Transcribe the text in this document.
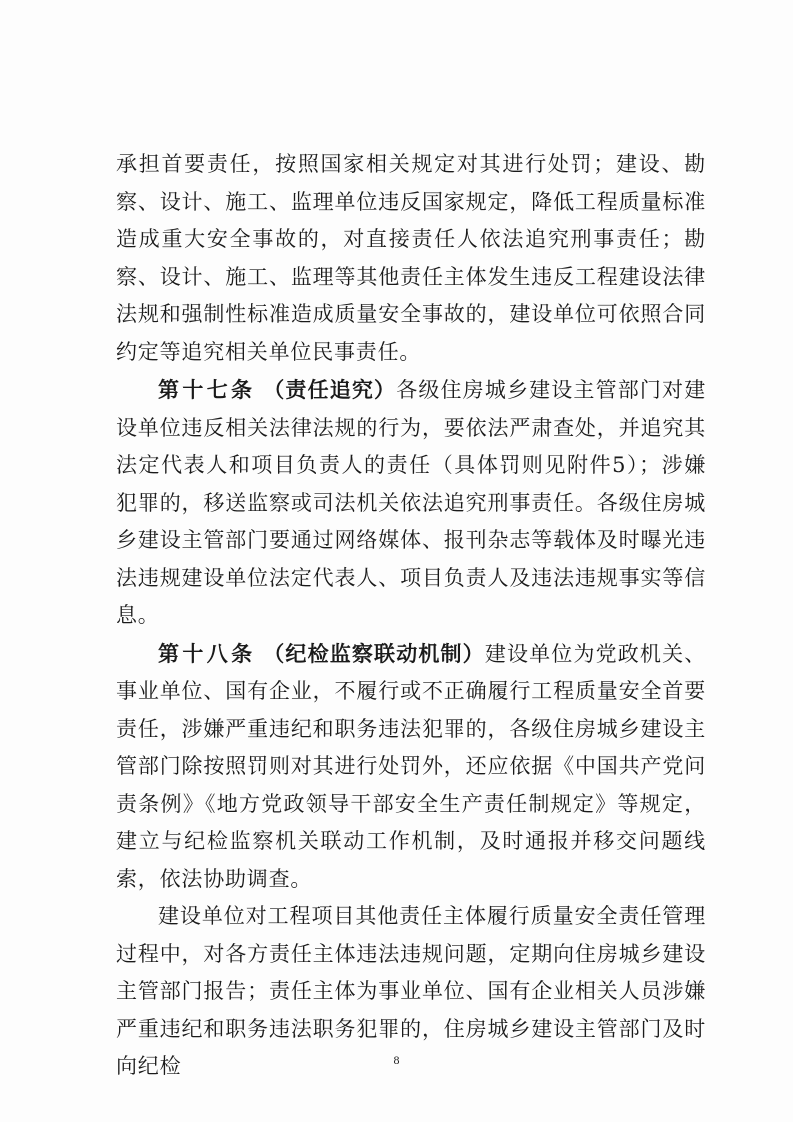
承担首要责任，按照国家相关规定对其进行处罚；建设、勘察、设计、施工、监理单位违反国家规定，降低工程质量标准造成重大安全事故的，对直接责任人依法追究刑事责任；勘察、设计、施工、监理等其他责任主体发生违反工程建设法律法规和强制性标准造成质量安全事故的，建设单位可依照合同约定等追究相关单位民事责任。

第十七条 （责任追究）各级住房城乡建设主管部门对建设单位违反相关法律法规的行为，要依法严肃查处，并追究其法定代表人和项目负责人的责任（具体罚则见附件5）；涉嫌犯罪的，移送监察或司法机关依法追究刑事责任。各级住房城乡建设主管部门要通过网络媒体、报刊杂志等载体及时曝光违法违规建设单位法定代表人、项目负责人及违法违规事实等信息。

第十八条 （纪检监察联动机制）建设单位为党政机关、事业单位、国有企业，不履行或不正确履行工程质量安全首要责任，涉嫌严重违纪和职务违法犯罪的，各级住房城乡建设主管部门除按照罚则对其进行处罚外，还应依据《中国共产党问责条例》《地方党政领导干部安全生产责任制规定》等规定，建立与纪检监察机关联动工作机制，及时通报并移交问题线索，依法协助调查。

建设单位对工程项目其他责任主体履行质量安全责任管理过程中，对各方责任主体违法违规问题，定期向住房城乡建设主管部门报告；责任主体为事业单位、国有企业相关人员涉嫌严重违纪和职务违法职务犯罪的，住房城乡建设主管部门及时向纪检	8
